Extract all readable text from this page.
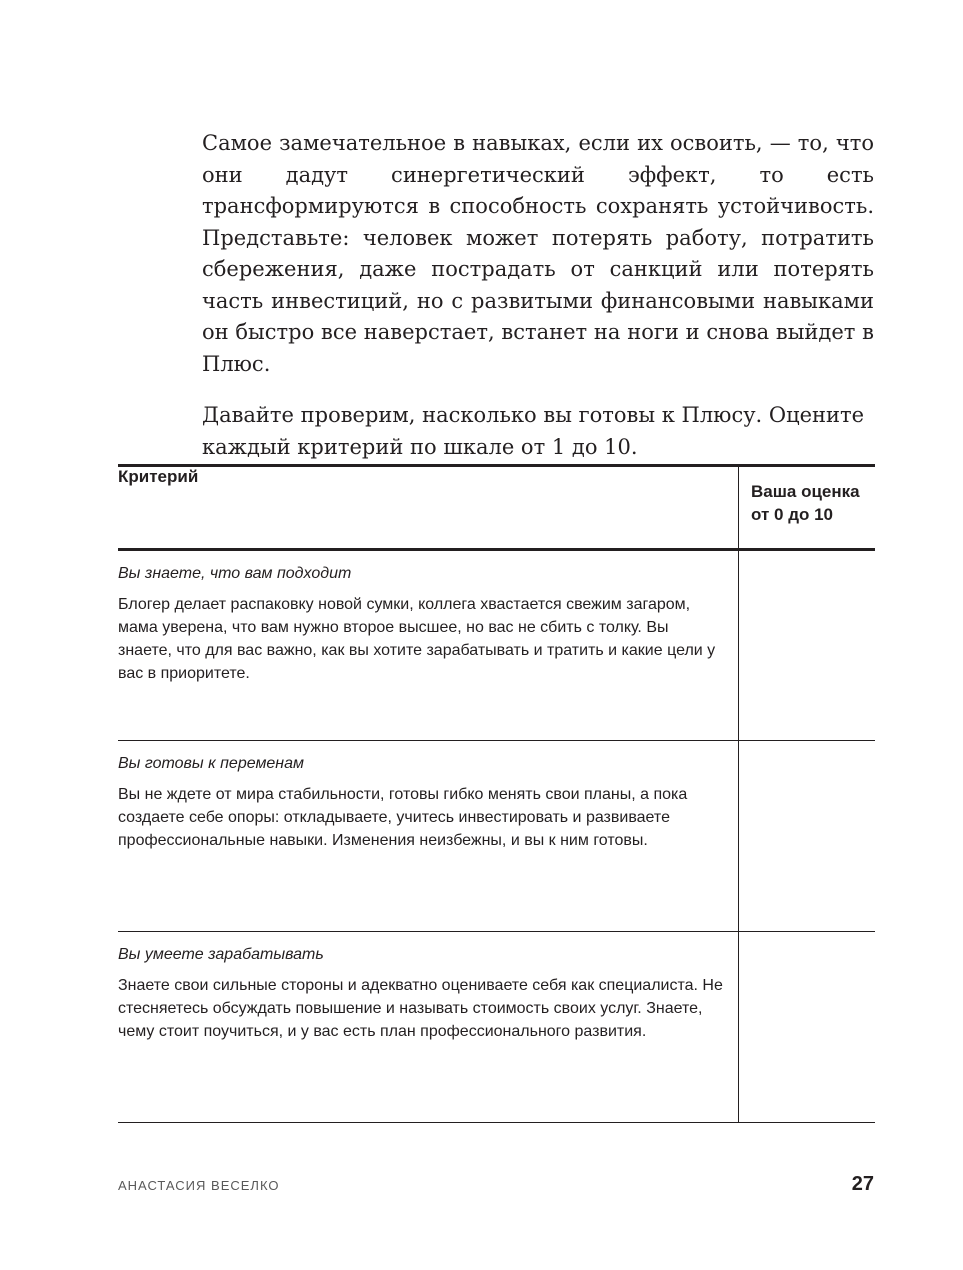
Самое замечательное в навыках, если их освоить, — то, что они дадут синергетический эффект, то есть трансформируются в способность сохранять устойчивость. Представьте: человек может потерять работу, потратить сбережения, даже пострадать от санкций или потерять часть инвестиций, но с развитыми финансовыми навыками он быстро все наверстает, встанет на ноги и снова выйдет в Плюс.

Давайте проверим, насколько вы готовы к Плюсу. Оцените каждый критерий по шкале от 1 до 10.

Критерий	Ваша оценка от 0 до 10

Вы знаете, что вам подходит

Блогер делает распаковку новой сумки, коллега хвастается свежим загаром, мама уверена, что вам нужно второе высшее, но вас не сбить с толку. Вы знаете, что для вас важно, как вы хотите зарабатывать и тратить и какие цели у вас в приоритете.	

Вы готовы к переменам

Вы не ждете от мира стабильности, готовы гибко менять свои планы, а пока создаете себе опоры: откладываете, учитесь инвестировать и развиваете профессиональные навыки. Изменения неизбежны, и вы к ним готовы.	

Вы умеете зарабатывать

Знаете свои сильные стороны и адекватно оцениваете себя как специалиста. Не стесняетесь обсуждать повышение и называть стоимость своих услуг. Знаете, чему стоит поучиться, и у вас есть план профессионального развития.	

АНАСТАСИЯ ВЕСЕЛКО	27
